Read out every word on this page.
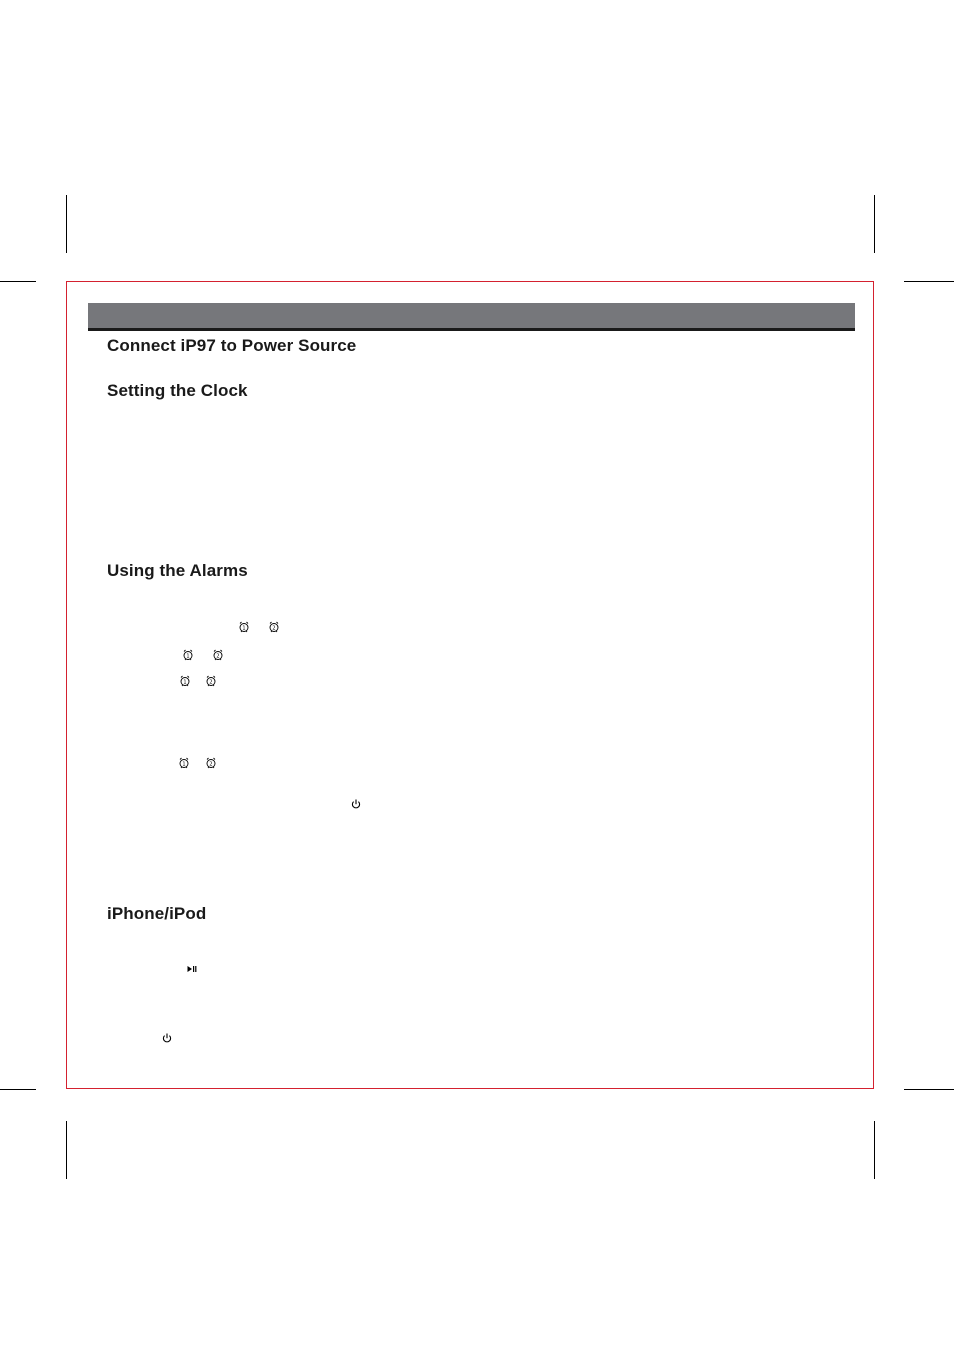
Connect iP97 to Power Source
Setting the Clock
Using the Alarms
iPhone/iPod
1	2
1	2
1	2
1	2
